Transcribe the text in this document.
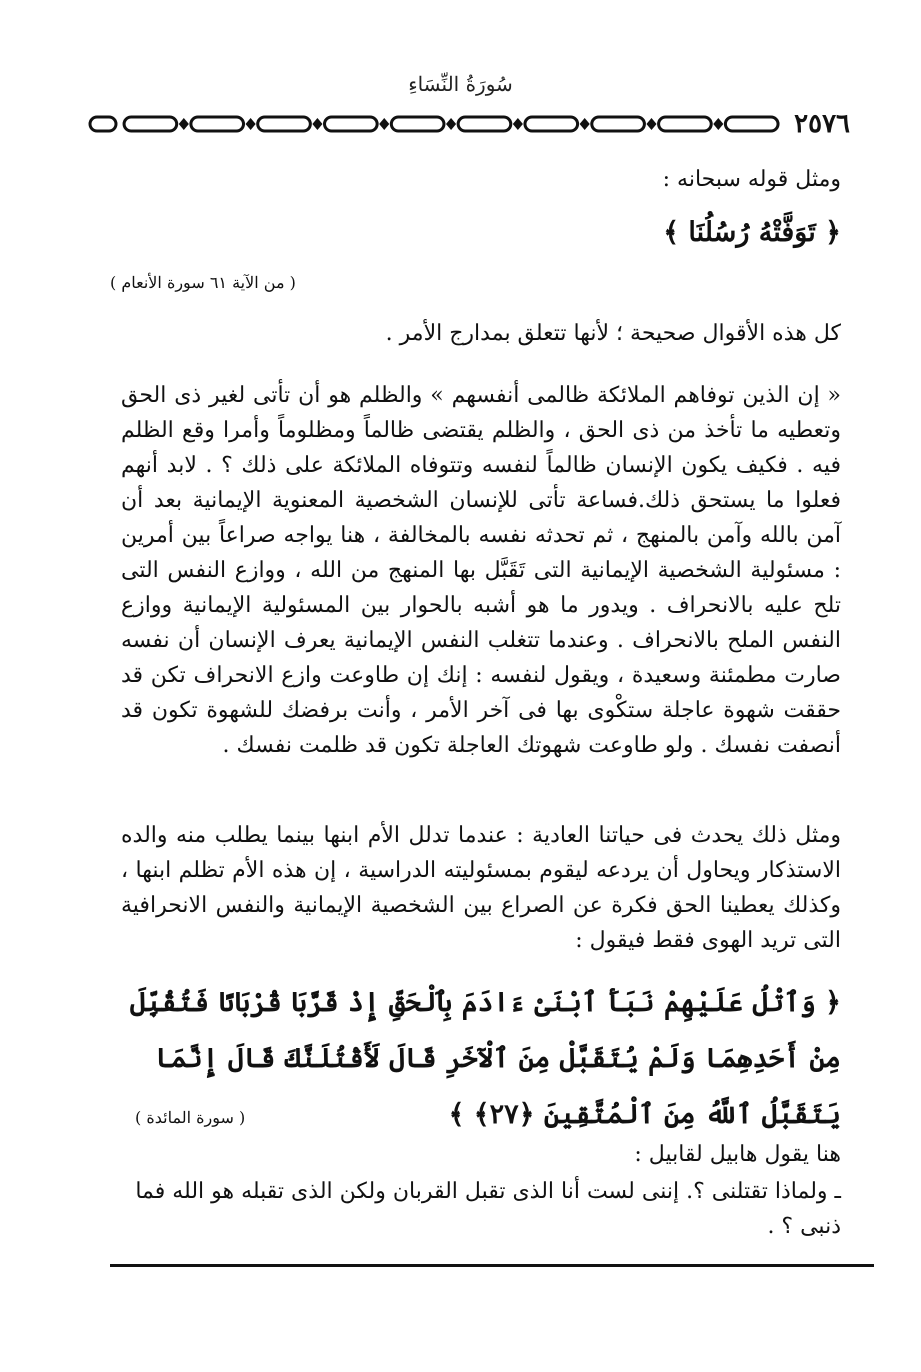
سُورَةُ النِّسَاءِ
٢٥٧٦
ومثل قوله سبحانه :
﴿ تَوَفَّتْهُ رُسُلُنَا ﴾
( من الآية ٦١ سورة الأنعام )
كل هذه الأقوال صحيحة ؛ لأنها تتعلق بمدارج الأمر .
« إن الذين توفاهم الملائكة ظالمى أنفسهم » والظلم هو أن تأتى لغير ذى الحق وتعطيه ما تأخذ من ذى الحق ، والظلم يقتضى ظالماً ومظلوماً وأمرا وقع الظلم فيه . فكيف يكون الإنسان ظالماً لنفسه وتتوفاه الملائكة على ذلك ؟ . لابد أنهم فعلوا ما يستحق ذلك.فساعة تأتى للإنسان الشخصية المعنوية الإيمانية بعد أن آمن بالله وآمن بالمنهج ، ثم تحدثه نفسه بالمخالفة ، هنا يواجه صراعاً بين أمرين : مسئولية الشخصية الإيمانية التى تَقَبَّل بها المنهج من الله ، ووازع النفس التى تلح عليه بالانحراف . ويدور ما هو أشبه بالحوار بين المسئولية الإيمانية ووازع النفس الملح بالانحراف . وعندما تتغلب النفس الإيمانية يعرف الإنسان أن نفسه صارت مطمئنة وسعيدة ، ويقول لنفسه : إنك إن طاوعت وازع الانحراف تكن قد حققت شهوة عاجلة ستكْوى بها فى آخر الأمر ، وأنت برفضك للشهوة تكون قد أنصفت نفسك . ولو طاوعت شهوتك العاجلة تكون قد ظلمت نفسك .
ومثل ذلك يحدث فى حياتنا العادية : عندما تدلل الأم ابنها بينما يطلب منه والده الاستذكار ويحاول أن يردعه ليقوم بمسئوليته الدراسية ، إن هذه الأم تظلم ابنها ، وكذلك يعطينا الحق فكرة عن الصراع بين الشخصية الإيمانية والنفس الانحرافية التى تريد الهوى فقط فيقول :
﴿ وَٱتْلُ عَلَيْهِمْ نَبَأَ ٱبْنَىْ ءَادَمَ بِٱلْحَقِّ إِذْ قَرَّبَا قُرْبَانًا فَتُقُبِّلَ مِنْ أَحَدِهِمَا وَلَمْ يُتَقَبَّلْ مِنَ ٱلْآخَرِ قَالَ لَأَقْتُلَنَّكَ قَالَ إِنَّمَا يَتَقَبَّلُ ٱللَّهُ مِنَ ٱلْمُتَّقِينَ ﴿٢٧﴾ ﴾
( سورة المائدة )
هنا يقول هابيل لقابيل :
ـ ولماذا تقتلنى ؟. إننى لست أنا الذى تقبل القربان ولكن الذى تقبله هو الله فما ذنبى ؟ .
